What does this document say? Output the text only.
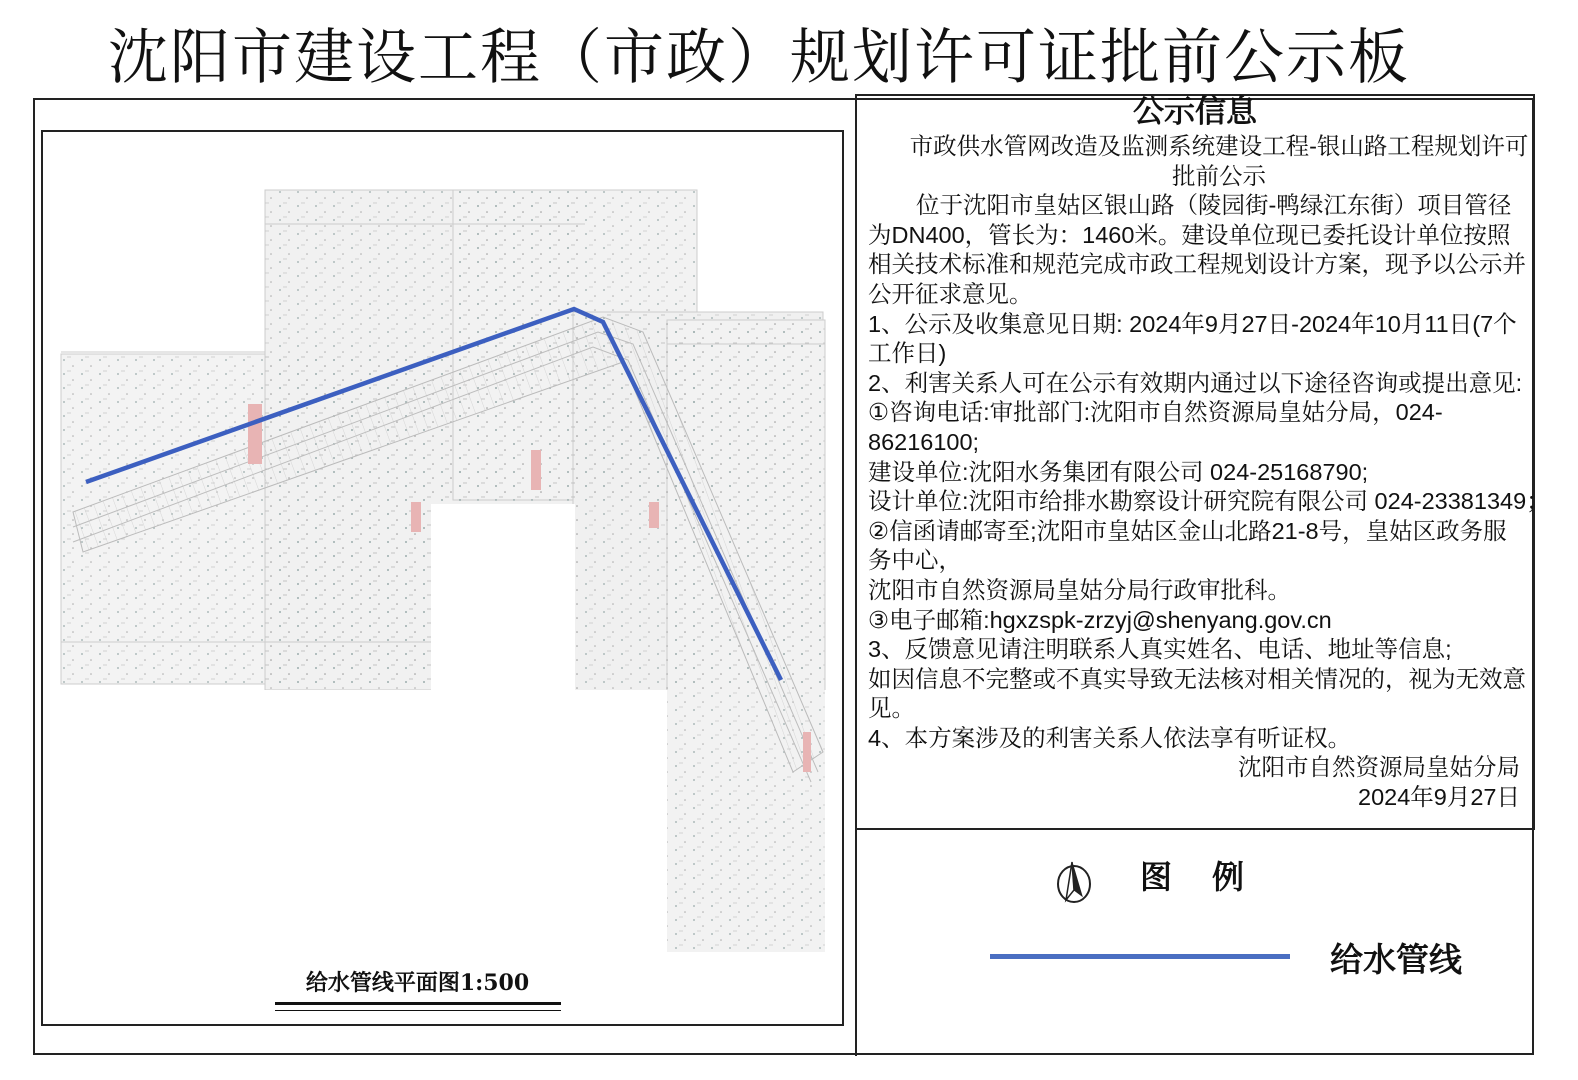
沈阳市建设工程（市政）规划许可证批前公示板
给水管线平面图1:500
公示信息

市政供水管网改造及监测系统建设工程-银山路工程规划许可批前公示

位于沈阳市皇姑区银山路（陵园街-鸭绿江东街）项目管径为DN400，管长为：1460米。建设单位现已委托设计单位按照相关技术标准和规范完成市政工程规划设计方案，现予以公示并公开征求意见。

1、公示及收集意见日期: 2024年9月27日-2024年10月11日(7个工作日)

2、利害关系人可在公示有效期内通过以下途径咨询或提出意见:

①咨询电话:审批部门:沈阳市自然资源局皇姑分局，024-86216100;

建设单位:沈阳水务集团有限公司 024-25168790;

设计单位:沈阳市给排水勘察设计研究院有限公司 024-23381349；

②信函请邮寄至;沈阳市皇姑区金山北路21-8号，皇姑区政务服务中心，

沈阳市自然资源局皇姑分局行政审批科。

③电子邮箱:hgxzspk-zrzyj@shenyang.gov.cn

3、反馈意见请注明联系人真实姓名、电话、地址等信息;

如因信息不完整或不真实导致无法核对相关情况的，视为无效意见。

4、本方案涉及的利害关系人依法享有听证权。

沈阳市自然资源局皇姑分局

2024年9月27日

图例
给水管线
